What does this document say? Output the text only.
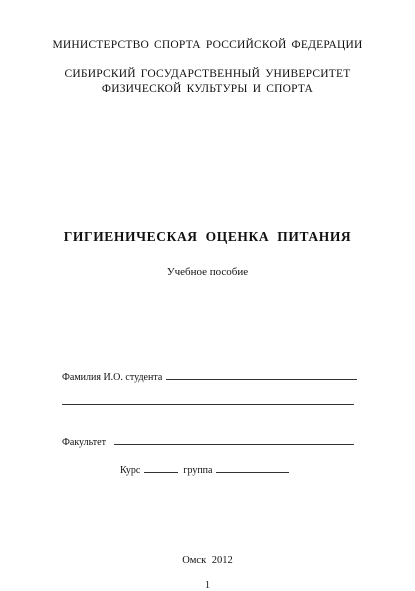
МИНИСТЕРСТВО СПОРТА РОССИЙСКОЙ ФЕДЕРАЦИИ
СИБИРСКИЙ ГОСУДАРСТВЕННЫЙ УНИВЕРСИТЕТ
ФИЗИЧЕСКОЙ КУЛЬТУРЫ И СПОРТА
ГИГИЕНИЧЕСКАЯ ОЦЕНКА ПИТАНИЯ
Учебное пособие
Фамилия И.О. студента
Факультет
Курс	группа
Омск 2012
1
